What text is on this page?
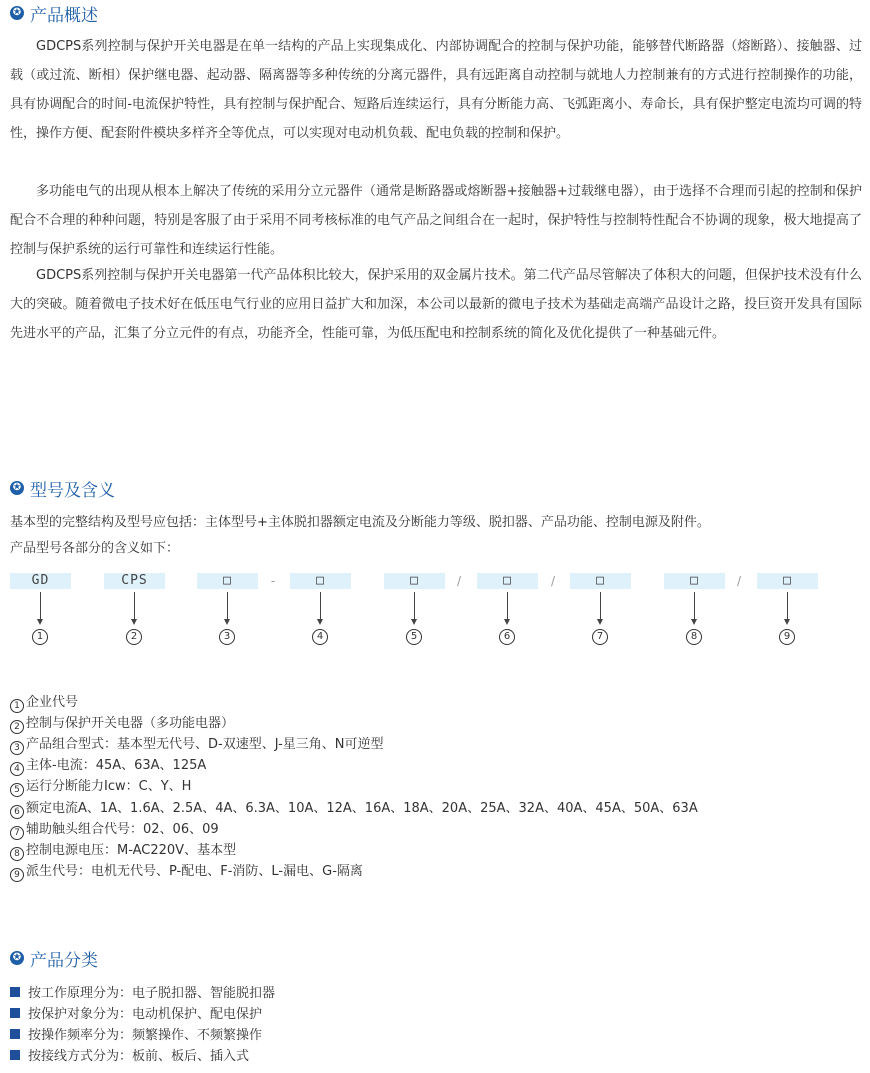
✪ 产品概述

GDCPS系列控制与保护开关电器是在单一结构的产品上实现集成化、内部协调配合的控制与保护功能，能够替代断路器（熔断路）、接触器、过载（或过流、断相）保护继电器、起动器、隔离器等多种传统的分离元器件，具有远距离自动控制与就地人力控制兼有的方式进行控制操作的功能，具有协调配合的时间-电流保护特性，具有控制与保护配合、短路后连续运行，具有分断能力高、飞弧距离小、寿命长，具有保护整定电流均可调的特性，操作方便、配套附件模块多样齐全等优点，可以实现对电动机负载、配电负载的控制和保护。

多功能电气的出现从根本上解决了传统的采用分立元器件（通常是断路器或熔断器+接触器+过载继电器），由于选择不合理而引起的控制和保护配合不合理的种种问题，特别是客服了由于采用不同考核标准的电气产品之间组合在一起时，保护特性与控制特性配合不协调的现象，极大地提高了控制与保护系统的运行可靠性和连续运行性能。

GDCPS系列控制与保护开关电器第一代产品体积比较大，保护采用的双金属片技术。第二代产品尽管解决了体积大的问题，但保护技术没有什么大的突破。随着微电子技术好在低压电气行业的应用日益扩大和加深，本公司以最新的微电子技术为基础走高端产品设计之路，投巨资开发具有国际先进水平的产品，汇集了分立元件的有点，功能齐全，性能可靠，为低压配电和控制系统的简化及优化提供了一种基础元件。

✪ 型号及含义

基本型的完整结构及型号应包括：主体型号+主体脱扣器额定电流及分断能力等级、脱扣器、产品功能、控制电源及附件。

产品型号各部分的含义如下：

GD	CPS	□	-	□	□	/	□	/	□	□	/	□
1	2	3	4	5	6	7	8	9
1 企业代号
2 控制与保护开关电器（多功能电器）
3 产品组合型式：基本型无代号、D-双速型、J-星三角、N可逆型
4 主体-电流：45A、63A、125A
5 运行分断能力Icw：C、Y、H
6 额定电流A、1A、1.6A、2.5A、4A、6.3A、10A、12A、16A、18A、20A、25A、32A、40A、45A、50A、63A
7 辅助触头组合代号：02、06、09
8 控制电源电压：M-AC220V、基本型
9 派生代号：电机无代号、P-配电、F-消防、L-漏电、G-隔离
✪ 产品分类
按工作原理分为：电子脱扣器、智能脱扣器
按保护对象分为：电动机保护、配电保护
按操作频率分为：频繁操作、不频繁操作
按接线方式分为：板前、板后、插入式
